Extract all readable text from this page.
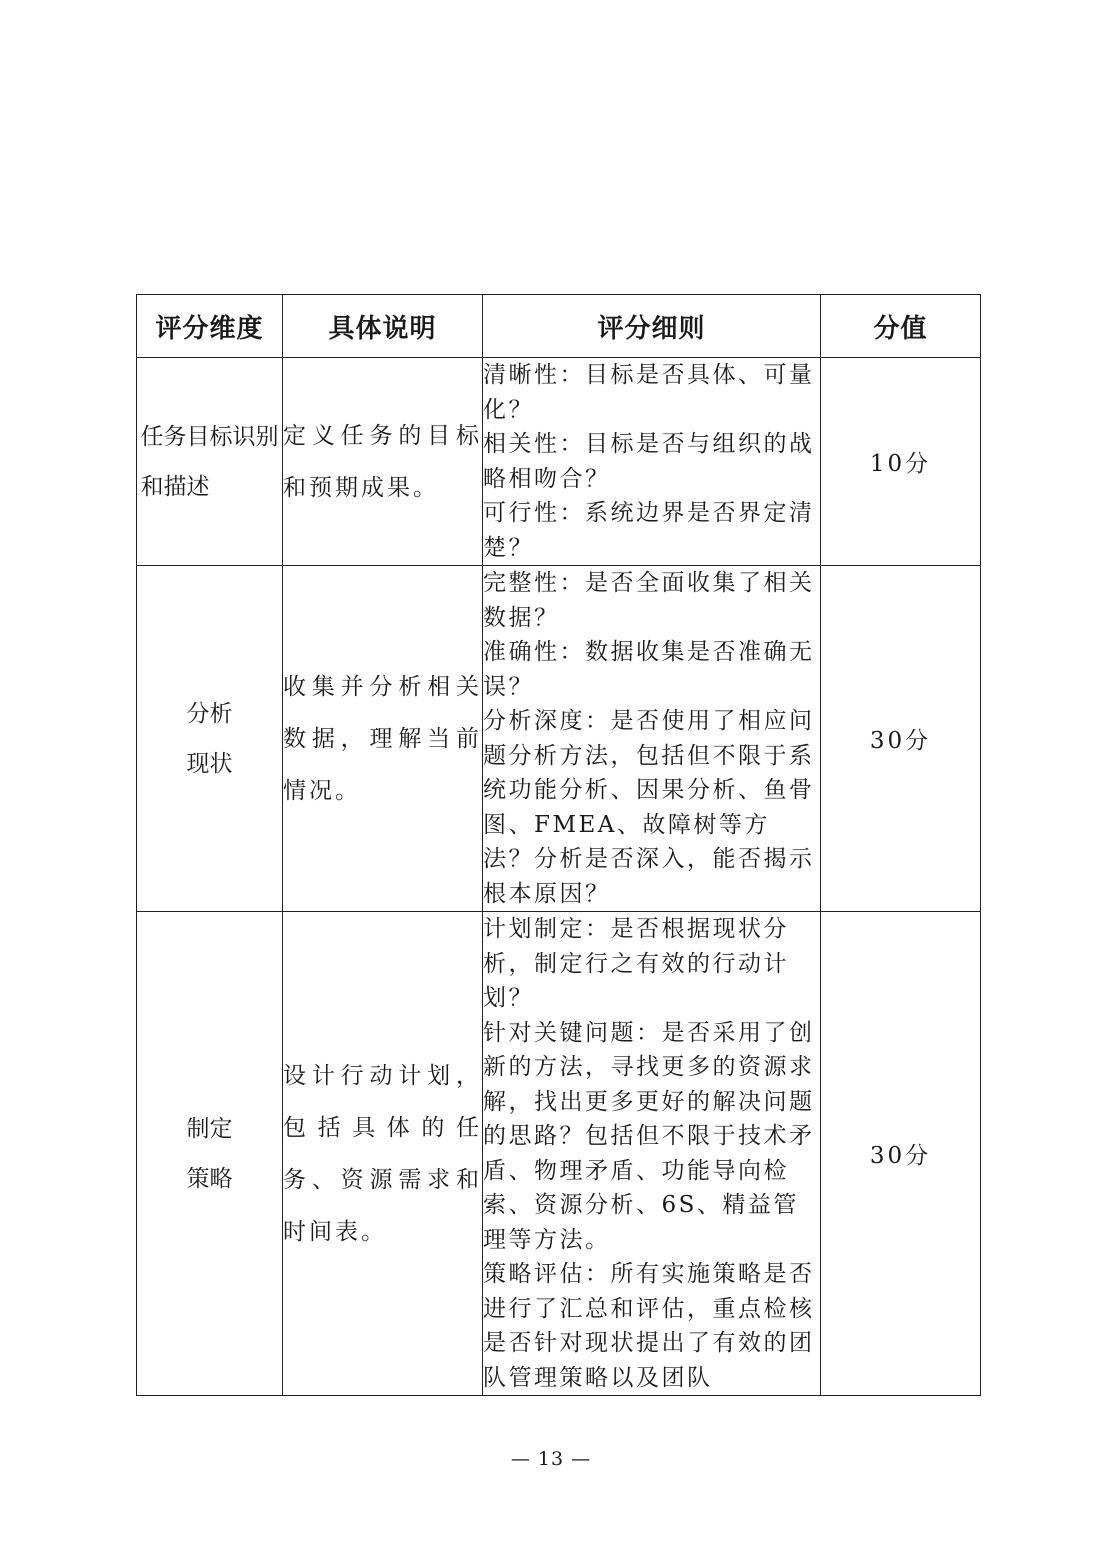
评分维度	具体说明	评分细则	分值
任务目标识别和描述	定义任务的目标和预期成果。	清晰性：目标是否具体、可量化？
相关性：目标是否与组织的战略相吻合？
可行性：系统边界是否界定清楚？	10分
分析现状	收集并分析相关数据，理解当前情况。	完整性：是否全面收集了相关数据？
准确性：数据收集是否准确无误？
分析深度：是否使用了相应问题分析方法，包括但不限于系统功能分析、因果分析、鱼骨图、FMEA、故障树等方法？分析是否深入，能否揭示根本原因？	30分
制定策略	设计行动计划，包括具体的任务、资源需求和时间表。	计划制定：是否根据现状分析，制定行之有效的行动计划？
针对关键问题：是否采用了创新的方法，寻找更多的资源求解，找出更多更好的解决问题的思路？包括但不限于技术矛盾、物理矛盾、功能导向检索、资源分析、6S、精益管理等方法。
策略评估：所有实施策略是否进行了汇总和评估，重点检核是否针对现状提出了有效的团队管理策略以及团队	30分
— 13 —
